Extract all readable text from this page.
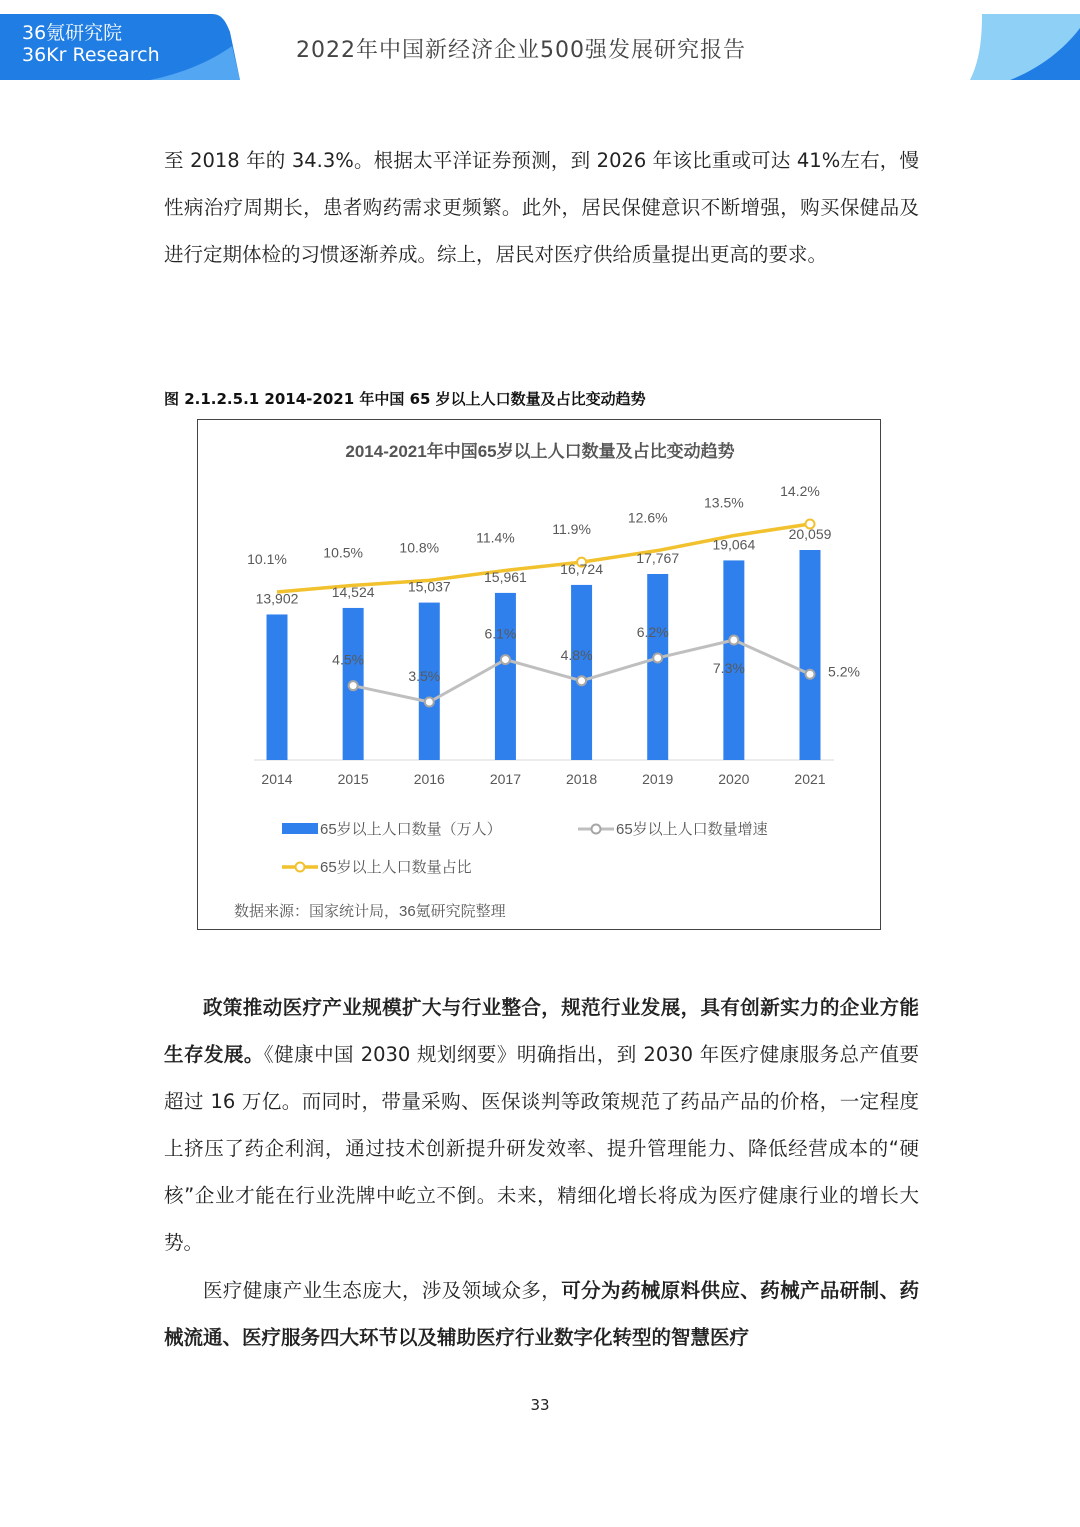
36氪研究院
36Kr Research	2022年中国新经济企业500强发展研究报告

至 2018 年的 34.3%。根据太平洋证券预测，到 2026 年该比重或可达 41%左右，慢性病治疗周期长，患者购药需求更频繁。此外，居民保健意识不断增强，购买保健品及进行定期体检的习惯逐渐养成。综上，居民对医疗供给质量提出更高的要求。

图 2.1.2.5.1 2014-2021 年中国 65 岁以上人口数量及占比变动趋势
2014-2021年中国65岁以上人口数量及占比变动趋势
13,902 14,524 15,037
15,961 16,724
17,767
19,064
20,059
10.1%	10.5%	10.8%
11.4%
11.9%
12.6%
13.5%
14.2%
4.5%
3.5%
6.1%
4.8%
6.2%
7.3%	5.2%
2014	2015	2016	2017	2018	2019	2020	2021
65岁以上人口数量（万人）	65岁以上人口数量增速
65岁以上人口数量占比
数据来源：国家统计局，36氪研究院整理

政策推动医疗产业规模扩大与行业整合，规范行业发展，具有创新实力的企业方能生存发展。《健康中国 2030 规划纲要》明确指出，到 2030 年医疗健康服务总产值要超过 16 万亿。而同时，带量采购、医保谈判等政策规范了药品产品的价格，一定程度上挤压了药企利润，通过技术创新提升研发效率、提升管理能力、降低经营成本的“硬核”企业才能在行业洗牌中屹立不倒。未来，精细化增长将成为医疗健康行业的增长大势。

医疗健康产业生态庞大，涉及领域众多，可分为药械原料供应、药械产品研制、药械流通、医疗服务四大环节以及辅助医疗行业数字化转型的智慧医疗

33
